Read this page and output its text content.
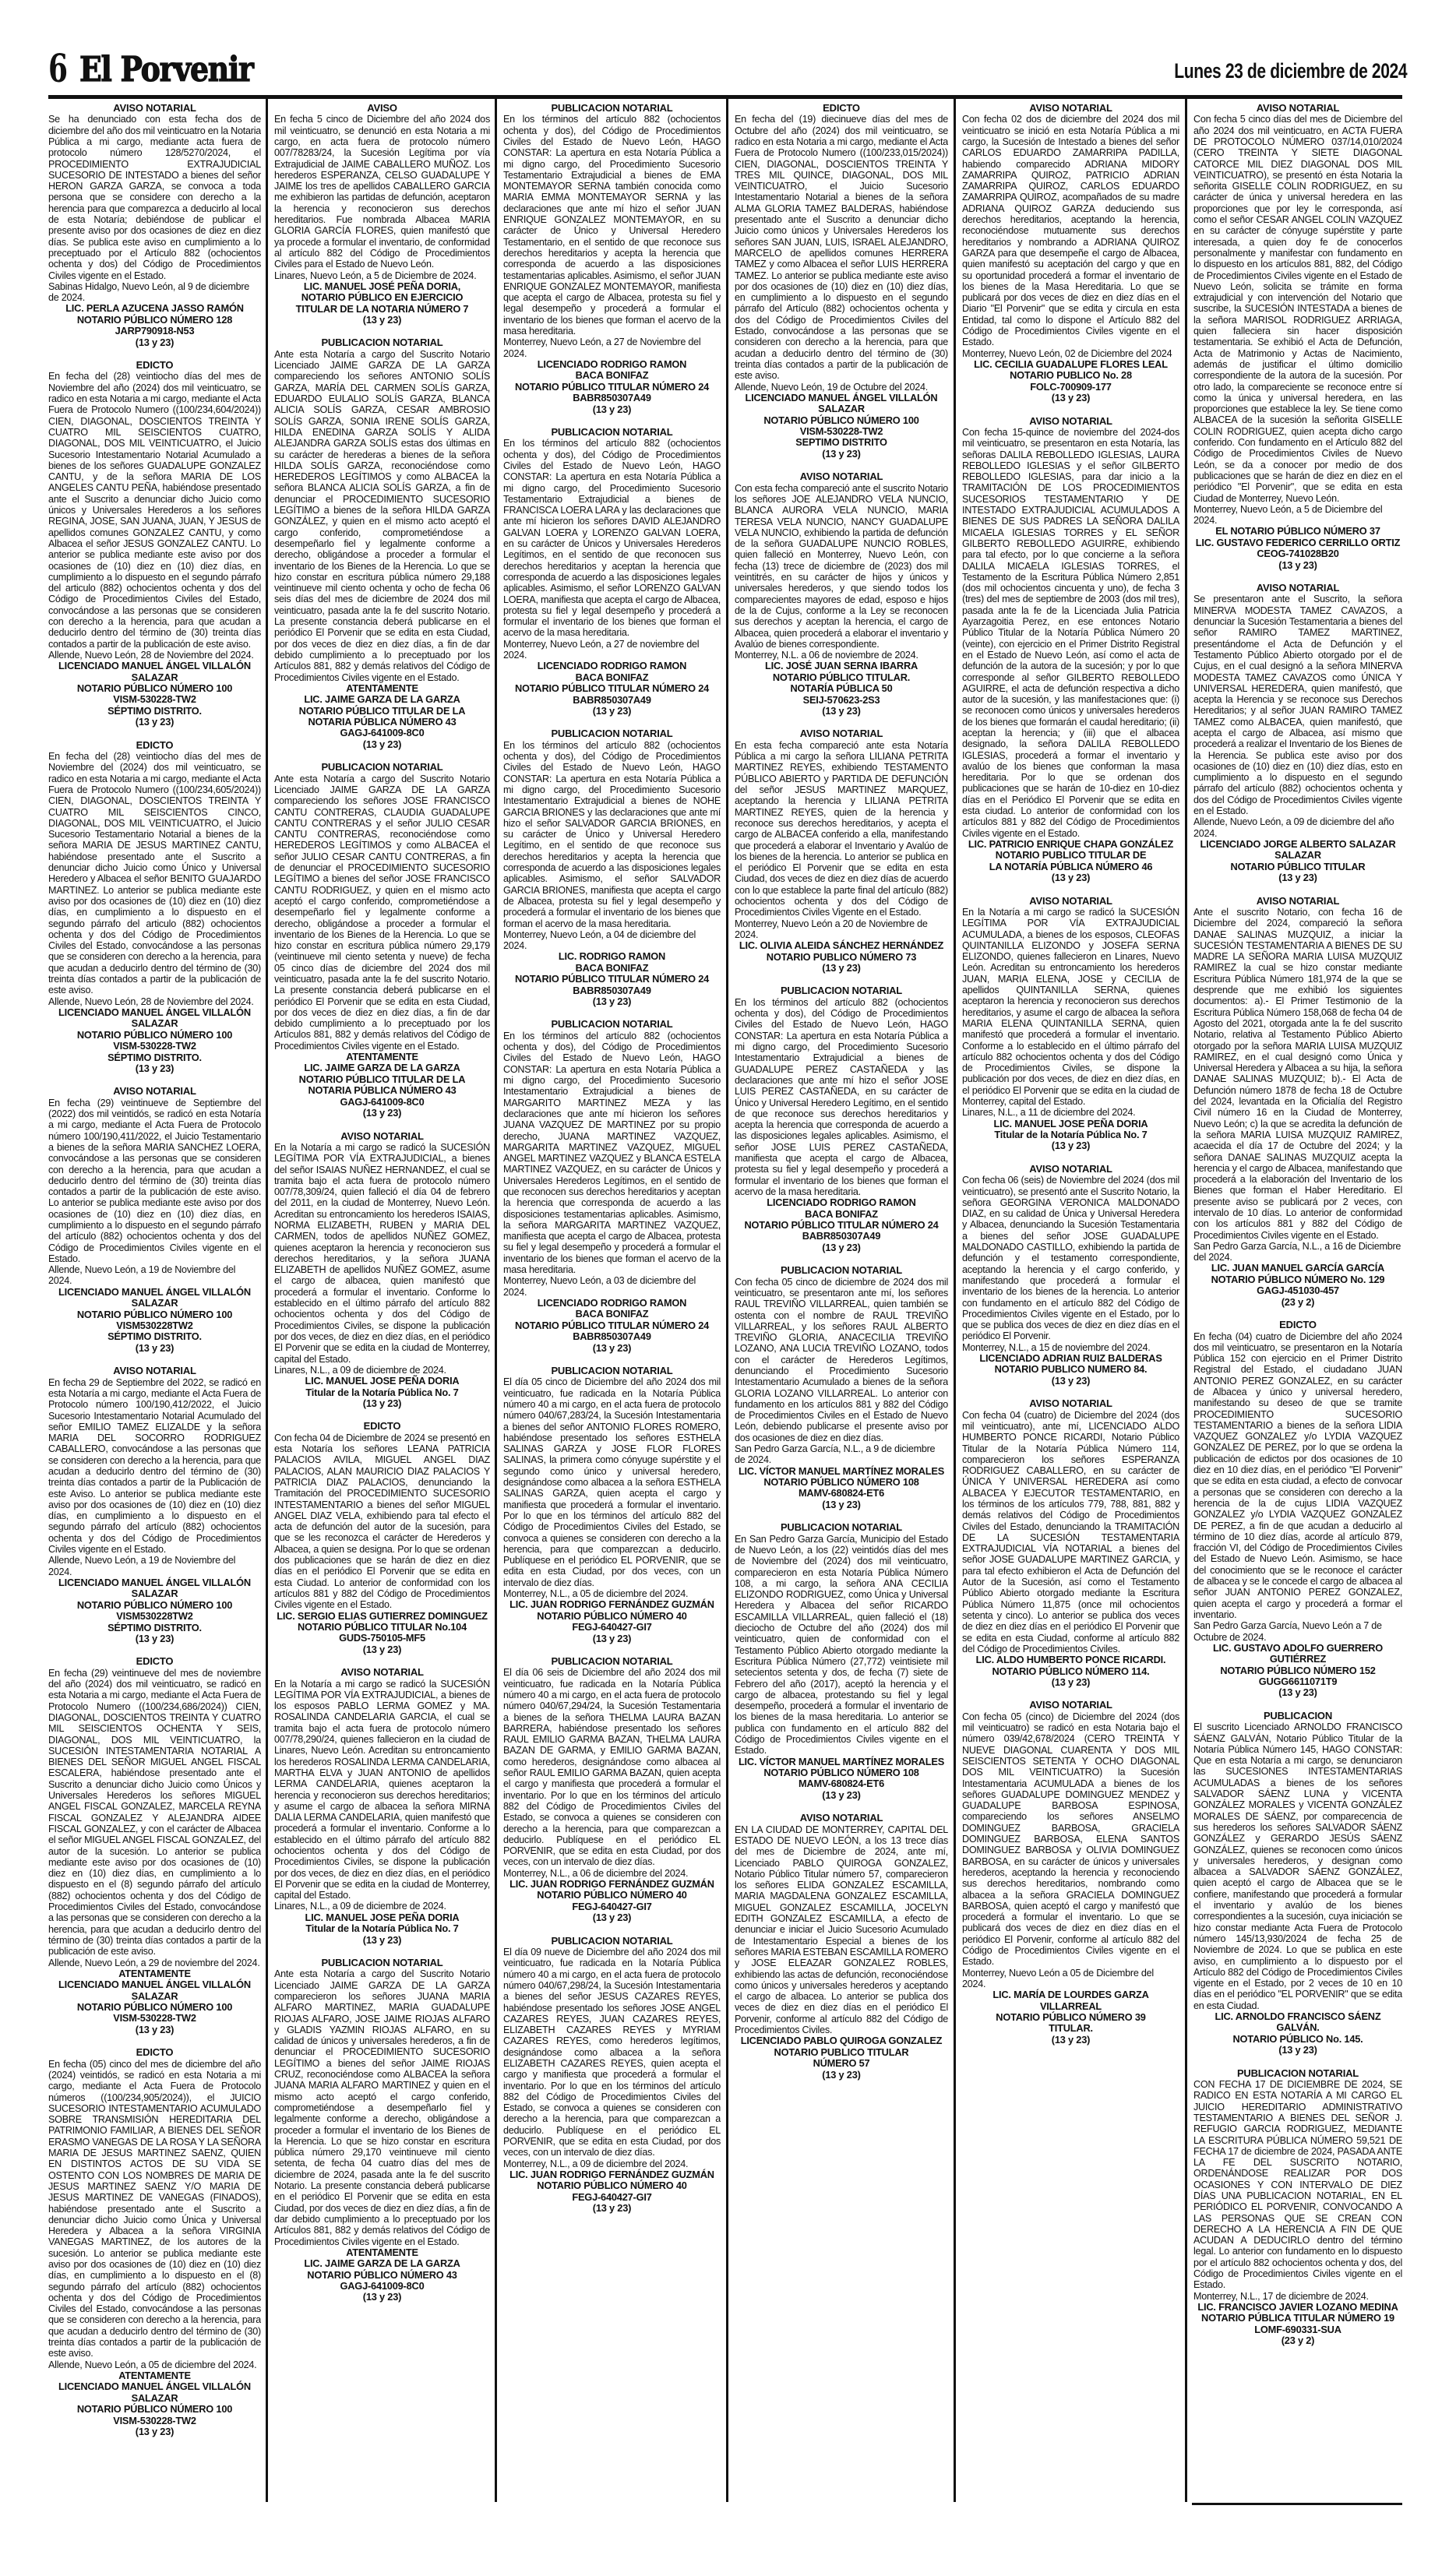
6 El Porvenir	Lunes 23 de diciembre de 2024
AVISO NOTARIAL

Se ha denunciado con esta fecha dos de diciembre del año dos mil veinticuatro en la Notaria Pública a mi cargo, mediante acta fuera de protocolo número 128/5270/2024, el PROCEDIMIENTO EXTRAJUDICIAL SUCESORIO DE INTESTADO a bienes del señor HERON GARZA GARZA, se convoca a toda persona que se considere con derecho a la herencia para que comparezca a deducirlo al local de esta Notaría; debiéndose de publicar el presente aviso por dos ocasiones de diez en diez días. Se publica este aviso en cumplimiento a lo preceptuado por el Artículo 882 (ochocientos ochenta y dos) del Código de Procedimientos Civiles vigente en el Estado.

Sabinas Hidalgo, Nuevo León, al 9 de diciembre de 2024.
LIC. PERLA AZUCENA JASSO RAMÓN
NOTARIO PÚBLICO NÚMERO 128
JARP790918-N53
(13 y 23)
EDICTO

En fecha del (28) veintiocho días del mes de Noviembre del año (2024) dos mil veinticuatro, se radico en esta Notaria a mi cargo, mediante el Acta Fuera de Protocolo Numero ((100/234,604/2024)) CIEN, DIAGONAL, DOSCIENTOS TREINTA Y CUATRO MIL SEISCIENTOS CUATRO, DIAGONAL, DOS MIL VEINTICUATRO, el Juicio Sucesorio Intestamentario Notarial Acumulado a bienes de los señores GUADALUPE GONZALEZ CANTU, y de la señora MARIA DE LOS ANGELES CANTU PEÑA, habiéndose presentado ante el Suscrito a denunciar dicho Juicio como únicos y Universales Herederos a los señores REGINA, JOSE, SAN JUANA, JUAN, Y JESUS de apellidos comunes GONZALEZ CANTU, y como Albacea el señor JESUS GONZALEZ CANTU. Lo anterior se publica mediante este aviso por dos ocasiones de (10) diez en (10) diez días, en cumplimiento a lo dispuesto en el segundo párrafo del articulo (882) ochocientos ochenta y dos del Código de Procedimientos Civiles del Estado, convocándose a las personas que se consideren con derecho a la herencia, para que acudan a deducirlo dentro del término de (30) treinta días contados a partir de la publicación de este aviso.

Allende, Nuevo León, 28 de Noviembre del 2024.
LICENCIADO MANUEL ÁNGEL VILLALÓN
SALAZAR
NOTARIO PÚBLICO NÚMERO 100
VISM-530228-TW2
SÉPTIMO DISTRITO.
(13 y 23)
EDICTO

En fecha del (28) veintiocho días del mes de Noviembre del (2024) dos mil veinticuatro, se radico en esta Notaria a mi cargo, mediante el Acta Fuera de Protocolo Numero ((100/234,605/2024)) CIEN, DIAGONAL, DOSCIENTOS TREINTA Y CUATRO MIL SEISCIENTOS CINCO, DIAGONAL, DOS MIL VEINTICUATRO, el Juicio Sucesorio Testamentario Notarial a bienes de la señora MARIA DE JESUS MARTINEZ CANTU, habiéndose presentado ante el Suscrito a denunciar dicho Juicio como Único y Universal Heredero y Albacea el señor BENITO GUAJARDO MARTINEZ. Lo anterior se publica mediante este aviso por dos ocasiones de (10) diez en (10) diez días, en cumplimiento a lo dispuesto en el segundo párrafo del articulo (882) ochocientos ochenta y dos del Código de Procedimientos Civiles del Estado, convocándose a las personas que se consideren con derecho a la herencia, para que acudan a deducirlo dentro del término de (30) treinta días contados a partir de la publicación de este aviso.

Allende, Nuevo León, 28 de Noviembre del 2024.
LICENCIADO MANUEL ÁNGEL VILLALÓN
SALAZAR
NOTARIO PÚBLICO NÚMERO 100
VISM-530228-TW2
SÉPTIMO DISTRITO.
(13 y 23)
AVISO NOTARIAL

En fecha (29) veintinueve de Septiembre del (2022) dos mil veintidós, se radicó en esta Notaría a mi cargo, mediante el Acta Fuera de Protocolo número 100/190,411/2022, el Juicio Testamentario a bienes de la señora MARIA SANCHEZ LOERA, convocándose a las personas que se consideren con derecho a la herencia, para que acudan a deducirlo dentro del término de (30) treinta días contados a partir de la publicación de este aviso. Lo anterior se publica mediante este aviso por dos ocasiones de (10) diez en (10) diez días, en cumplimiento a lo dispuesto en el segundo párrafo del artículo (882) ochocientos ochenta y dos del Código de Procedimientos Civiles vigente en el Estado.

Allende, Nuevo León, a 19 de Noviembre del 2024.
LICENCIADO MANUEL ÁNGEL VILLALÓN
SALAZAR
NOTARIO PÚBLICO NÚMERO 100
VISM530228TW2
SÉPTIMO DISTRITO.
(13 y 23)
AVISO NOTARIAL

En fecha 29 de Septiembre del 2022, se radicó en esta Notaría a mi cargo, mediante el Acta Fuera de Protocolo número 100/190,412/2022, el Juicio Sucesorio Intestamentario Notarial Acumulado del señor EMILIO TAMEZ ELIZALDE y la señora MARIA DEL SOCORRO RODRIGUEZ CABALLERO, convocándose a las personas que se consideren con derecho a la herencia, para que acudan a deducirlo dentro del término de (30) treinta días contados a partir de la Publicación de este Aviso. Lo anterior se publica mediante este aviso por dos ocasiones de (10) diez en (10) diez días, en cumplimiento a lo dispuesto en el segundo párrafo del artículo (882) ochocientos ochenta y dos del Código de Procedimientos Civiles vigente en el Estado.

Allende, Nuevo León, a 19 de Noviembre del 2024.
LICENCIADO MANUEL ÁNGEL VILLALÓN
SALAZAR
NOTARIO PÚBLICO NÚMERO 100
VISM530228TW2
SÉPTIMO DISTRITO.
(13 y 23)
EDICTO

En fecha (29) veintinueve del mes de noviembre del año (2024) dos mil veinticuatro, se radicó en esta Notaria a mi cargo, mediante el Acta Fuera de Protocolo Numero ((100/234,686/2024)) CIEN, DIAGONAL, DOSCIENTOS TREINTA Y CUATRO MIL SEISCIENTOS OCHENTA Y SEIS, DIAGONAL, DOS MIL VEINTICUATRO, la SUCESIÓN INTESTAMENTARIA NOTARIAL A BIENES DEL SEÑOR MIGUEL ANGEL FISCAL ESCALERA, habiéndose presentado ante el Suscrito a denunciar dicho Juicio como Únicos y Universales Herederos los señores MIGUEL ANGEL FISCAL GONZALEZ, MARCELA REYNA FISCAL GONZALEZ Y ALEJANDRA AIDEE FISCAL GONZALEZ, y con el carácter de Albacea el señor MIGUEL ANGEL FISCAL GONZALEZ, del autor de la sucesión. Lo anterior se publica mediante este aviso por dos ocasiones de (10) diez en (10) diez días, en cumplimiento a lo dispuesto en el (8) segundo párrafo del artículo (882) ochocientos ochenta y dos del Código de Procedimientos Civiles del Estado, convocándose a las personas que se consideren con derecho a la herencia, para que acudan a deducirlo dentro del término de (30) treinta días contados a partir de la publicación de este aviso.

Allende, Nuevo León, a 29 de noviembre del 2024.
ATENTAMENTE
LICENCIADO MANUEL ÁNGEL VILLALÓN
SALAZAR
NOTARIO PÚBLICO NÚMERO 100
VISM-530228-TW2
(13 y 23)
EDICTO

En fecha (05) cinco del mes de diciembre del año (2024) veintidós, se radicó en esta Notaria a mi cargo, mediante el Acta Fuera de Protocolo números ((100/234,905/2024)), el JUICIO SUCESORIO INTESTAMENTARIO ACUMULADO SOBRE TRANSMISIÓN HEREDITARIA DEL PATRIMONIO FAMILIAR, A BIENES DEL SEÑOR ERASMO VANEGAS DE LA ROSA Y LA SEÑORA MARIA DE JESUS MARTINEZ SAENZ, QUIEN EN DISTINTOS ACTOS DE SU VIDA SE OSTENTO CON LOS NOMBRES DE MARIA DE JESUS MARTINEZ SAENZ Y/O MARIA DE JESUS MARTINEZ DE VANEGAS (FINADOS), habiéndose presentado ante el Suscrito a denunciar dicho Juicio como Única y Universal Heredera y Albacea a la señora VIRGINIA VANEGAS MARTINEZ, de los autores de la sucesión. Lo anterior se publica mediante este aviso por dos ocasiones de (10) diez en (10) diez días, en cumplimiento a lo dispuesto en el (8) segundo párrafo del artículo (882) ochocientos ochenta y dos del Código de Procedimientos Civiles del Estado, convocándose a las personas que se consideren con derecho a la herencia, para que acudan a deducirlo dentro del término de (30) treinta días contados a partir de la publicación de este aviso.

Allende, Nuevo León, a 05 de diciembre del 2024.
ATENTAMENTE
LICENCIADO MANUEL ÁNGEL VILLALÓN
SALAZAR
NOTARIO PÚBLICO NÚMERO 100
VISM-530228-TW2
(13 y 23)
AVISO

En fecha 5 cinco de Diciembre del año 2024 dos mil veinticuatro, se denunció en esta Notaria a mi cargo, en acta fuera de protocolo número 007/78283/24, la Sucesión Legítima por vía Extrajudicial de JAIME CABALLERO MUÑOZ. Los herederos ESPERANZA, CELSO GUADALUPE Y JAIME los tres de apellidos CABALLERO GARCIA me exhibieron las partidas de defunción, aceptaron la herencia y reconocieron sus derechos hereditarios. Fue nombrada Albacea MARIA GLORIA GARCÍA FLORES, quien manifestó que ya procede a formular el inventario, de conformidad al artículo 882 del Código de Procedimientos Civiles para el Estado de Nuevo León.

Linares, Nuevo León, a 5 de Diciembre de 2024.
LIC. MANUEL JOSÉ PEÑA DORIA,
NOTARIO PÚBLICO EN EJERCICIO
TITULAR DE LA NOTARIA NÚMERO 7
(13 y 23)
PUBLICACION NOTARIAL

Ante esta Notaría a cargo del Suscrito Notario Licenciado JAIME GARZA DE LA GARZA compareciendo los señores ANTONIO SOLÍS GARZA, MARÍA DEL CARMEN SOLÍS GARZA, EDUARDO EULALIO SOLÍS GARZA, BLANCA ALICIA SOLÍS GARZA, CESAR AMBROSIO SOLÍS GARZA, SONIA IRENE SOLÍS GARZA, HILDA ENEDINA GARZA SOLÍS Y ALIDA ALEJANDRA GARZA SOLÍS estas dos últimas en su carácter de herederas a bienes de la señora HILDA SOLÍS GARZA, reconociéndose como HEREDEROS LEGÍTIMOS y como ALBACEA la señora BLANCA ALICIA SOLÍS GARZA, a fin de denunciar el PROCEDIMIENTO SUCESORIO LEGÍTIMO a bienes de la señora HILDA GARZA GONZÁLEZ, y quien en el mismo acto aceptó el cargo conferido, comprometiéndose a desempeñarlo fiel y legalmente conforme a derecho, obligándose a proceder a formular el inventario de los Bienes de la Herencia. Lo que se hizo constar en escritura pública número 29,188 veintinueve mil ciento ochenta y ocho de fecha 06 seis días del mes de diciembre de 2024 dos mil veinticuatro, pasada ante la fe del suscrito Notario. La presente constancia deberá publicarse en el periódico El Porvenir que se edita en esta Ciudad, por dos veces de diez en diez días, a fin de dar debido cumplimiento a lo preceptuado por los Artículos 881, 882 y demás relativos del Código de Procedimientos Civiles vigente en el Estado.

ATENTAMENTE
LIC. JAIME GARZA DE LA GARZA
NOTARIO PÚBLICO TITULAR DE LA
NOTARIA PÚBLICA NÚMERO 43
GAGJ-641009-8C0
(13 y 23)
PUBLICACION NOTARIAL

Ante esta Notaría a cargo del Suscrito Notario Licenciado JAIME GARZA DE LA GARZA compareciendo los señores JOSE FRANCISCO CANTU CONTRERAS, CLAUDIA GUADALUPE CANTU CONTRERAS y el señor JULIO CESAR CANTU CONTRERAS, reconociéndose como HEREDEROS LEGÍTIMOS y como ALBACEA el señor JULIO CESAR CANTU CONTRERAS, a fin de denunciar el PROCEDIMIENTO SUCESORIO LEGÍTIMO a bienes del señor JOSE FRANCISCO CANTU RODRIGUEZ, y quien en el mismo acto aceptó el cargo conferido, comprometiéndose a desempeñarlo fiel y legalmente conforme a derecho, obligándose a proceder a formular el inventario de los Bienes de la Herencia. Lo que se hizo constar en escritura pública número 29,179 (veintinueve mil ciento setenta y nueve) de fecha 05 cinco días de diciembre del 2024 dos mil veinticuatro, pasada ante la fe del suscrito Notario. La presente constancia deberá publicarse en el periódico El Porvenir que se edita en esta Ciudad, por dos veces de diez en diez días, a fin de dar debido cumplimiento a lo preceptuado por los Artículos 881, 882 y demás relativos del Código de Procedimientos Civiles vigente en el Estado.

ATENTAMENTE
LIC. JAIME GARZA DE LA GARZA
NOTARIO PÚBLICO TITULAR DE LA
NOTARIA PÚBLICA NÚMERO 43
GAGJ-641009-8C0
(13 y 23)
AVISO NOTARIAL

En la Notaría a mi cargo se radicó la SUCESIÓN LEGÍTIMA POR VÍA EXTRAJUDICIAL, a bienes del señor ISAIAS NUÑEZ HERNANDEZ, el cual se tramita bajo el acta fuera de protocolo número 007/78,309/24, quien falleció el día 04 de febrero del 2011, en la ciudad de Monterrey, Nuevo León. Acreditan su entroncamiento los herederos ISAIAS, NORMA ELIZABETH, RUBEN y MARIA DEL CARMEN, todos de apellidos NUÑEZ GOMEZ, quienes aceptaron la herencia y reconocieron sus derechos hereditarios, y la señora JUANA ELIZABETH de apellidos NUÑEZ GOMEZ, asume el cargo de albacea, quien manifestó que procederá a formular el inventario. Conforme lo establecido en el último párrafo del artículo 882 ochocientos ochenta y dos del Código de Procedimientos Civiles, se dispone la publicación por dos veces, de diez en diez días, en el periódico El Porvenir que se edita en la ciudad de Monterrey, capital del Estado.

Linares, N.L., a 09 de diciembre de 2024.
LIC. MANUEL JOSE PEÑA DORIA
Titular de la Notaría Pública No. 7
(13 y 23)
EDICTO

Con fecha 04 de Diciembre de 2024 se presentó en esta Notaría los señores LEANA PATRICIA PALACIOS AVILA, MIGUEL ANGEL DIAZ PALACIOS, ALAN MAURICIO DIAZ PALACIOS Y PATRICIA DIAZ PALACIOS, denunciando la Tramitación del PROCEDIMIENTO SUCESORIO INTESTAMENTARIO a bienes del señor MIGUEL ANGEL DIAZ VELA, exhibiendo para tal efecto el acta de defunción del autor de la sucesión, para que se les reconozca el carácter de Herederos y Albacea, a quien se designa. Por lo que se ordenan dos publicaciones que se harán de diez en diez días en el periódico El Porvenir que se edita en esta Ciudad. Lo anterior de conformidad con los artículos 881 y 882 del Código de Procedimientos Civiles vigente en el Estado.

LIC. SERGIO ELIAS GUTIERREZ DOMINGUEZ
NOTARIO PÚBLICO TITULAR No.104
GUDS-750105-MF5
(13 y 23)
AVISO NOTARIAL

En la Notaría a mi cargo se radicó la SUCESIÓN LEGÍTIMA POR VÍA EXTRAJUDICIAL, a bienes de los esposos PABLO LERMA GOMEZ y MA. ROSALINDA CANDELARIA GARCIA, el cual se tramita bajo el acta fuera de protocolo número 007/78,290/24, quienes fallecieron en la ciudad de Linares, Nuevo León. Acreditan su entroncamiento los herederos ROSALINDA LERMA CANDELARIA, MARTHA ELVA y JUAN ANTONIO de apellidos LERMA CANDELARIA, quienes aceptaron la herencia y reconocieron sus derechos hereditarios; y asume el cargo de albacea la señora MIRNA DALIA LERMA CANDELARIA, quien manifestó que procederá a formular el inventario. Conforme a lo establecido en el último párrafo del artículo 882 ochocientos ochenta y dos del Código de Procedimientos Civiles, se dispone la publicación por dos veces, de diez en diez días, en el periódico El Porvenir que se edita en la ciudad de Monterrey, capital del Estado.

Linares, N.L., a 09 de diciembre de 2024.
LIC. MANUEL JOSE PEÑA DORIA
Titular de la Notaría Pública No. 7
(13 y 23)
PUBLICACION NOTARIAL

Ante esta Notaría a cargo del Suscrito Notario Licenciado JAIME GARZA DE LA GARZA comparecieron los señores JUANA MARIA ALFARO MARTINEZ, MARIA GUADALUPE RIOJAS ALFARO, JOSE JAIME RIOJAS ALFARO y GLADIS YAZMIN RIOJAS ALFARO, en su calidad de únicos y universales herederos, a fin de denunciar el PROCEDIMIENTO SUCESORIO LEGÍTIMO a bienes del señor JAIME RIOJAS CRUZ, reconociéndose como ALBACEA la señora JUANA MARIA ALFARO MARTINEZ y quien en el mismo acto aceptó el cargo conferido, comprometiéndose a desempeñarlo fiel y legalmente conforme a derecho, obligándose a proceder a formular el inventario de los Bienes de la Herencia. Lo que se hizo constar en escritura pública número 29,170 veintinueve mil ciento setenta, de fecha 04 cuatro días del mes de diciembre de 2024, pasada ante la fe del suscrito Notario. La presente constancia deberá publicarse en el periódico El Porvenir que se edita en esta Ciudad, por dos veces de diez en diez días, a fin de dar debido cumplimiento a lo preceptuado por los Artículos 881, 882 y demás relativos del Código de Procedimientos Civiles vigente en el Estado.

ATENTAMENTE
LIC. JAIME GARZA DE LA GARZA
NOTARIO PÚBLICO NÚMERO 43
GAGJ-641009-8C0
(13 y 23)
PUBLICACION NOTARIAL

En los términos del artículo 882 (ochocientos ochenta y dos), del Código de Procedimientos Civiles del Estado de Nuevo León, HAGO CONSTAR: La apertura en esta Notaría Pública a mi digno cargo, del Procedimiento Sucesorio Testamentario Extrajudicial a bienes de EMA MONTEMAYOR SERNA también conocida como MARIA EMMA MONTEMAYOR SERNA y las declaraciones que ante mí hizo el señor JUAN ENRIQUE GONZALEZ MONTEMAYOR, en su carácter de Único y Universal Heredero Testamentario, en el sentido de que reconoce sus derechos hereditarios y acepta la herencia que corresponda de acuerdo a las disposiciones testamentarias aplicables. Asimismo, el señor JUAN ENRIQUE GONZALEZ MONTEMAYOR, manifiesta que acepta el cargo de Albacea, protesta su fiel y legal desempeño y procederá a formular el inventario de los bienes que forman el acervo de la masa hereditaria.

Monterrey, Nuevo León, a 27 de Noviembre del 2024.
LICENCIADO RODRIGO RAMON
BACA BONIFAZ
NOTARIO PÚBLICO TITULAR NÚMERO 24
BABR850307A49
(13 y 23)
PUBLICACION NOTARIAL

En los términos del artículo 882 (ochocientos ochenta y dos), del Código de Procedimientos Civiles del Estado de Nuevo León, HAGO CONSTAR: La apertura en esta Notaría Pública a mi digno cargo, del Procedimiento Sucesorio Testamentario Extrajudicial a bienes de FRANCISCA LOERA LARA y las declaraciones que ante mí hicieron los señores DAVID ALEJANDRO GALVAN LOERA y LORENZO GALVAN LOERA, en su carácter de Únicos y Universales Herederos Legítimos, en el sentido de que reconocen sus derechos hereditarios y aceptan la herencia que corresponda de acuerdo a las disposiciones legales aplicables. Asimismo, el señor LORENZO GALVAN LOERA, manifiesta que acepta el cargo de Albacea, protesta su fiel y legal desempeño y procederá a formular el inventario de los bienes que forman el acervo de la masa hereditaria.

Monterrey, Nuevo León, a 27 de noviembre del 2024.
LICENCIADO RODRIGO RAMON
BACA BONIFAZ
NOTARIO PÚBLICO TITULAR NÚMERO 24
BABR850307A49
(13 y 23)
PUBLICACION NOTARIAL

En los términos del artículo 882 (ochocientos ochenta y dos), del Código de Procedimientos Civiles del Estado de Nuevo León, HAGO CONSTAR: La apertura en esta Notaría Pública a mi digno cargo, del Procedimiento Sucesorio Intestamentario Extrajudicial a bienes de NOHE GARCIA BRIONES y las declaraciones que ante mí hizo el señor SALVADOR GARCIA BRIONES, en su carácter de Único y Universal Heredero Legítimo, en el sentido de que reconoce sus derechos hereditarios y acepta la herencia que corresponda de acuerdo a las disposiciones legales aplicables. Asimismo, el señor SALVADOR GARCIA BRIONES, manifiesta que acepta el cargo de Albacea, protesta su fiel y legal desempeño y procederá a formular el inventario de los bienes que forman el acervo de la masa hereditaria.

Monterrey, Nuevo León, a 04 de diciembre del 2024.
LIC. RODRIGO RAMON
BACA BONIFAZ
NOTARIO PÚBLICO TITULAR NÚMERO 24
BABR850307A49
(13 y 23)
PUBLICACION NOTARIAL

En los términos del artículo 882 (ochocientos ochenta y dos), del Código de Procedimientos Civiles del Estado de Nuevo León, HAGO CONSTAR: La apertura en esta Notaría Pública a mi digno cargo, del Procedimiento Sucesorio Intestamentario Extrajudicial a bienes de MARGARITO MARTINEZ MEZA y las declaraciones que ante mí hicieron los señores JUANA VAZQUEZ DE MARTINEZ por su propio derecho, JUANA MARTINEZ VAZQUEZ, MARGARITA MARTINEZ VAZQUEZ, MIGUEL ANGEL MARTINEZ VAZQUEZ y BLANCA ESTELA MARTINEZ VAZQUEZ, en su carácter de Únicos y Universales Herederos Legítimos, en el sentido de que reconocen sus derechos hereditarios y aceptan la herencia que corresponda de acuerdo a las disposiciones testamentarias aplicables. Asimismo, la señora MARGARITA MARTINEZ VAZQUEZ, manifiesta que acepta el cargo de Albacea, protesta su fiel y legal desempeño y procederá a formular el inventario de los bienes que forman el acervo de la masa hereditaria.

Monterrey, Nuevo León, a 03 de diciembre del 2024.
LICENCIADO RODRIGO RAMON
BACA BONIFAZ
NOTARIO PÚBLICO TITULAR NÚMERO 24
BABR850307A49
(13 y 23)
PUBLICACION NOTARIAL

El día 05 cinco de Diciembre del año 2024 dos mil veinticuatro, fue radicada en la Notaría Pública número 40 a mi cargo, en el acta fuera de protocolo número 040/67,283/24, la Sucesión Intestamentaria a bienes del señor ANTONIO FLORES ROMERO, habiéndose presentado los señores ESTHELA SALINAS GARZA y JOSE FLOR FLORES SALINAS, la primera como cónyuge supérstite y el segundo como único y universal heredero, designándose como albacea a la señora ESTHELA SALINAS GARZA, quien acepta el cargo y manifiesta que procederá a formular el inventario. Por lo que en los términos del artículo 882 del Código de Procedimientos Civiles del Estado, se convoca a quienes se consideren con derecho a la herencia, para que comparezcan a deducirlo. Publíquese en el periódico EL PORVENIR, que se edita en esta Ciudad, por dos veces, con un intervalo de diez días.

Monterrey, N.L., a 05 de diciembre del 2024.
LIC. JUAN RODRIGO FERNÁNDEZ GUZMÁN
NOTARIO PÚBLICO NÚMERO 40
FEGJ-640427-GI7
(13 y 23)
PUBLICACION NOTARIAL

El día 06 seis de Diciembre del año 2024 dos mil veinticuatro, fue radicada en la Notaría Pública número 40 a mi cargo, en el acta fuera de protocolo número 040/67,294/24, la Sucesión Testamentaria a bienes de la señora THELMA LAURA BAZAN BARRERA, habiéndose presentado los señores RAUL EMILIO GARMA BAZAN, THELMA LAURA BAZAN DE GARMA, y EMILIO GARMA BAZAN, como herederos, designándose como albacea al señor RAUL EMILIO GARMA BAZAN, quien acepta el cargo y manifiesta que procederá a formular el inventario. Por lo que en los términos del artículo 882 del Código de Procedimientos Civiles del Estado, se convoca a quienes se consideren con derecho a la herencia, para que comparezcan a deducirlo. Publíquese en el periódico EL PORVENIR, que se edita en esta Ciudad, por dos veces, con un intervalo de diez días.

Monterrey, N.L., a 06 de diciembre del 2024.
LIC. JUAN RODRIGO FERNÁNDEZ GUZMÁN
NOTARIO PÚBLICO NÚMERO 40
FEGJ-640427-GI7
(13 y 23)
PUBLICACION NOTARIAL

El día 09 nueve de Diciembre del año 2024 dos mil veinticuatro, fue radicada en la Notaría Pública número 40 a mi cargo, en el acta fuera de protocolo número 040/67,298/24, la Sucesión Intestamentaria a bienes del señor JESUS CAZARES REYES, habiéndose presentado los señores JOSE ANGEL CAZARES REYES, JUAN CAZARES REYES, ELIZABETH CAZARES REYES y MYRIAM CAZARES REYES, como herederos legítimos, designándose como albacea a la señora ELIZABETH CAZARES REYES, quien acepta el cargo y manifiesta que procederá a formular el inventario. Por lo que en los términos del artículo 882 del Código de Procedimientos Civiles del Estado, se convoca a quienes se consideren con derecho a la herencia, para que comparezcan a deducirlo. Publíquese en el periódico EL PORVENIR, que se edita en esta Ciudad, por dos veces, con un intervalo de diez días.

Monterrey, N.L., a 09 de diciembre del 2024.
LIC. JUAN RODRIGO FERNÁNDEZ GUZMÁN
NOTARIO PÚBLICO NÚMERO 40
FEGJ-640427-GI7
(13 y 23)
EDICTO

En fecha del (19) diecinueve días del mes de Octubre del año (2024) dos mil veinticuatro, se radico en esta Notaria a mi cargo, mediante el Acta Fuera de Protocolo Numero ((100/233,015/2024)) CIEN, DIAGONAL, DOSCIENTOS TREINTA Y TRES MIL QUINCE, DIAGONAL, DOS MIL VEINTICUATRO, el Juicio Sucesorio Intestamentario Notarial a bienes de la señora ALMA GLORIA TAMEZ BALDERAS, habiéndose presentado ante el Suscrito a denunciar dicho Juicio como únicos y Universales Herederos los señores SAN JUAN, LUIS, ISRAEL ALEJANDRO, MARCELO de apellidos comunes HERRERA TAMEZ y como Albacea el señor LUIS HERRERA TAMEZ. Lo anterior se publica mediante este aviso por dos ocasiones de (10) diez en (10) diez días, en cumplimiento a lo dispuesto en el segundo párrafo del Artículo (882) ochocientos ochenta y dos del Código de Procedimientos Civiles del Estado, convocándose a las personas que se consideren con derecho a la herencia, para que acudan a deducirlo dentro del término de (30) treinta días contados a partir de la publicación de este aviso.

Allende, Nuevo León, 19 de Octubre del 2024.
LICENCIADO MANUEL ÁNGEL VILLALÓN
SALAZAR
NOTARIO PÚBLICO NÚMERO 100
VISM-530228-TW2
SEPTIMO DISTRITO
(13 y 23)
AVISO NOTARIAL

Con esta fecha compareció ante el suscrito Notario los señores JOE ALEJANDRO VELA NUNCIO, BLANCA AURORA VELA NUNCIO, MARIA TERESA VELA NUNCIO, NANCY GUADALUPE VELA NUNCIO, exhibiendo la partida de defunción de la señora GUADALUPE NUNCIO ROBLES, quien falleció en Monterrey, Nuevo León, con fecha (13) trece de diciembre de (2023) dos mil veintitrés, en su carácter de hijos y únicos y universales herederos, y que siendo todos los comparecientes mayores de edad, esposo e hijos de la de Cujus, conforme a la Ley se reconocen sus derechos y aceptan la herencia, el cargo de Albacea, quien procederá a elaborar el inventario y Avalúo de bienes correspondiente.

Monterrey, N.L. a 06 de noviembre de 2024.
LIC. JOSÉ JUAN SERNA IBARRA
NOTARIO PÚBLICO TITULAR.
NOTARÍA PÚBLICA 50
SEIJ-570623-2S3
(13 y 23)
AVISO NOTARIAL

En esta fecha compareció ante esta Notaría Pública a mi cargo la señora LILIANA PETRITA MARTINEZ REYES, exhibiendo TESTAMENTO PÚBLICO ABIERTO y PARTIDA DE DEFUNCIÓN del señor JESUS MARTINEZ MARQUEZ, aceptando la herencia y LILIANA PETRITA MARTINEZ REYES, quien de la herencia y reconoce sus derechos hereditarios, y acepta el cargo de ALBACEA conferido a ella, manifestando que procederá a elaborar el Inventario y Avalúo de los bienes de la herencia. Lo anterior se publica en el periódico El Porvenir que se edita en esta Ciudad, dos veces de diez en diez días de acuerdo con lo que establece la parte final del artículo (882) ochocientos ochenta y dos del Código de Procedimientos Civiles Vigente en el Estado.

Monterrey, Nuevo León a 20 de Noviembre de 2024.
LIC. OLIVIA ALEIDA SÁNCHEZ HERNÁNDEZ
NOTARIO PUBLICO NÚMERO 73
(13 y 23)
PUBLICACION NOTARIAL

En los términos del artículo 882 (ochocientos ochenta y dos), del Código de Procedimientos Civiles del Estado de Nuevo León, HAGO CONSTAR: La apertura en esta Notaría Pública a mi digno cargo, del Procedimiento Sucesorio Intestamentario Extrajudicial a bienes de GUADALUPE PEREZ CASTAÑEDA y las declaraciones que ante mí hizo el señor JOSE LUIS PEREZ CASTAÑEDA, en su carácter de Único y Universal Heredero Legítimo, en el sentido de que reconoce sus derechos hereditarios y acepta la herencia que corresponda de acuerdo a las disposiciones legales aplicables. Asimismo, el señor JOSE LUIS PEREZ CASTAÑEDA, manifiesta que acepta el cargo de Albacea, protesta su fiel y legal desempeño y procederá a formular el inventario de los bienes que forman el acervo de la masa hereditaria.

LICENCIADO RODRIGO RAMON
BACA BONIFAZ
NOTARIO PÚBLICO TITULAR NÚMERO 24
BABR850307A49
(13 y 23)
PUBLICACION NOTARIAL

Con fecha 05 cinco de diciembre de 2024 dos mil veinticuatro, se presentaron ante mí, los señores RAUL TREVIÑO VILLARREAL, quien también se ostenta con el nombre de RAUL TREVIÑO VILLARREAL, y los señores RAUL ALBERTO TREVIÑO GLORIA, ANACECILIA TREVIÑO LOZANO, ANA LUCIA TREVIÑO LOZANO, todos con el carácter de Herederos Legítimos, denunciando el Procedimiento Sucesorio Intestamentario Acumulado a bienes de la señora GLORIA LOZANO VILLARREAL. Lo anterior con fundamento en los artículos 881 y 882 del Código de Procedimientos Civiles en el Estado de Nuevo León, debiendo publicarse el presente aviso por dos ocasiones de diez en diez días.

San Pedro Garza García, N.L., a 9 de diciembre de 2024.
LIC. VÍCTOR MANUEL MARTÍNEZ MORALES
NOTARIO PÚBLICO NÚMERO 108
MAMV-680824-ET6
(13 y 23)
PUBLICACION NOTARIAL

En San Pedro Garza García, Municipio del Estado de Nuevo León, a los (22) veintidós días del mes de Noviembre del (2024) dos mil veinticuatro, comparecieron en esta Notaría Pública Número 108, a mi cargo, la señora ANA CECILIA ELIZONDO RODRIGUEZ, como Única y Universal Heredera y Albacea del señor RICARDO ESCAMILLA VILLARREAL, quien falleció el (18) dieciocho de Octubre del año (2024) dos mil veinticuatro, quien de conformidad con el Testamento Público Abierto otorgado mediante la Escritura Pública Número (27,772) veintisiete mil setecientos setenta y dos, de fecha (7) siete de Febrero del año (2017), aceptó la herencia y el cargo de albacea, protestando su fiel y legal desempeño, procederá a formular el inventario de los bienes de la masa hereditaria. Lo anterior se publica con fundamento en el artículo 882 del Código de Procedimientos Civiles vigente en el Estado.

LIC. VÍCTOR MANUEL MARTÍNEZ MORALES
NOTARIO PÚBLICO NÚMERO 108
MAMV-680824-ET6
(13 y 23)
AVISO NOTARIAL

EN LA CIUDAD DE MONTERREY, CAPITAL DEL ESTADO DE NUEVO LEÓN, a los 13 trece días del mes de Diciembre de 2024, ante mí, Licenciado PABLO QUIROGA GONZALEZ, Notario Público Titular número 57, comparecieron los señores ELIDA GONZALEZ ESCAMILLA, MARIA MAGDALENA GONZALEZ ESCAMILLA, MIGUEL GONZALEZ ESCAMILLA, JOCELYN EDITH GONZALEZ ESCAMILLA, a efecto de denunciar e iniciar el Juicio Sucesorio Acumulado de Intestamentario Especial a bienes de los señores MARIA ESTEBAN ESCAMILLA ROMERO y JOSE ELEAZAR GONZALEZ ROBLES, exhibiendo las actas de defunción, reconociéndose como únicos y universales herederos y aceptando el cargo de albacea. Lo anterior se publica dos veces de diez en diez días en el periódico El Porvenir, conforme al artículo 882 del Código de Procedimientos Civiles.

LICENCIADO PABLO QUIROGA GONZALEZ
NOTARIO PUBLICO TITULAR
NÚMERO 57
(13 y 23)
AVISO NOTARIAL

Con fecha 02 dos de diciembre del 2024 dos mil veinticuatro se inició en esta Notaría Pública a mi cargo, la Sucesión de Intestado a bienes del señor CARLOS EDUARDO ZAMARRIPA PADILLA, habiendo comparecido ADRIANA MIDORY ZAMARRIPA QUIROZ, PATRICIO ADRIAN ZAMARRIPA QUIROZ, CARLOS EDUARDO ZAMARRIPA QUIROZ, acompañados de su madre ADRIANA QUIROZ GARZA deduciendo sus derechos hereditarios, aceptando la herencia, reconociéndose mutuamente sus derechos hereditarios y nombrando a ADRIANA QUIROZ GARZA para que desempeñe el cargo de Albacea, quien manifestó su aceptación del cargo y que en su oportunidad procederá a formar el inventario de los bienes de la Masa Hereditaria. Lo que se publicará por dos veces de diez en diez días en el Diario "El Porvenir" que se edita y circula en esta Entidad, tal como lo dispone el Artículo 882 del Código de Procedimientos Civiles vigente en el Estado.

Monterrey, Nuevo León, 02 de Diciembre del 2024
LIC. CECILIA GUADALUPE FLORES LEAL
NOTARIO PUBLICO No. 28
FOLC-700909-177
(13 y 23)
AVISO NOTARIAL

Con fecha 15-quince de noviembre del 2024-dos mil veinticuatro, se presentaron en esta Notaría, las señoras DALILA REBOLLEDO IGLESIAS, LAURA REBOLLEDO IGLESIAS y el señor GILBERTO REBOLLEDO IGLESIAS, para dar inicio a la TRAMITACIÓN DE LOS PROCEDIMIENTOS SUCESORIOS TESTAMENTARIO Y DE INTESTADO EXTRAJUDICIAL ACUMULADOS A BIENES DE SUS PADRES LA SEÑORA DALILA MICAELA IGLESIAS TORRES y EL SEÑOR GILBERTO REBOLLEDO AGUIRRE, exhibiendo para tal efecto, por lo que concierne a la señora DALILA MICAELA IGLESIAS TORRES, el Testamento de la Escritura Pública Número 2,851 (dos mil ochocientos cincuenta y uno), de fecha 3 (tres) del mes de septiembre de 2003 (dos mil tres), pasada ante la fe de la Licenciada Julia Patricia Ayarzagoitia Perez, en ese entonces Notario Público Titular de la Notaría Pública Número 20 (veinte), con ejercicio en el Primer Distrito Registral en el Estado de Nuevo León, así como el acta de defunción de la autora de la sucesión; y por lo que corresponde al señor GILBERTO REBOLLEDO AGUIRRE, el acta de defunción respectiva a dicho autor de la sucesión, y las manifestaciones que: (i) se reconocen como únicos y universales herederos de los bienes que formarán el caudal hereditario; (ii) aceptan la herencia; y (iii) que el albacea designado, la señora DALILA REBOLLEDO IGLESIAS, procederá a formar el inventario y avalúo de los bienes que conforman la masa hereditaria. Por lo que se ordenan dos publicaciones que se harán de 10-diez en 10-diez días en el Periódico El Porvenir que se edita en esta ciudad. Lo anterior de conformidad con los artículos 881 y 882 del Código de Procedimientos Civiles vigente en el Estado.

LIC. PATRICIO ENRIQUE CHAPA GONZÁLEZ
NOTARIO PUBLICO TITULAR DE
LA NOTARÍA PÚBLICA NÚMERO 46
(13 y 23)
AVISO NOTARIAL

En la Notaría a mi cargo se radicó la SUCESIÓN LEGÍTIMA POR VÍA EXTRAJUDICIAL ACUMULADA, a bienes de los esposos, CLEOFAS QUINTANILLA ELIZONDO y JOSEFA SERNA ELIZONDO, quienes fallecieron en Linares, Nuevo León. Acreditan su entroncamiento los herederos JUAN, MARIA ELENA, JOSE y CECILIA de apellidos QUINTANILLA SERNA, quienes aceptaron la herencia y reconocieron sus derechos hereditarios, y asume el cargo de albacea la señora MARIA ELENA QUINTANILLA SERNA, quien manifestó que procederá a formular el inventario. Conforme a lo establecido en el último párrafo del artículo 882 ochocientos ochenta y dos del Código de Procedimientos Civiles, se dispone la publicación por dos veces, de diez en diez días, en el periódico El Porvenir que se edita en la ciudad de Monterrey, capital del Estado.

Linares, N.L., a 11 de diciembre del 2024.
LIC. MANUEL JOSE PEÑA DORIA
Titular de la Notaría Pública No. 7
(13 y 23)
AVISO NOTARIAL

Con fecha 06 (seis) de Noviembre del 2024 (dos mil veinticuatro), se presentó ante el Suscrito Notario, la señora GEORGINA VERONICA MALDONADO DIAZ, en su calidad de Única y Universal Heredera y Albacea, denunciando la Sucesión Testamentaria a bienes del señor JOSE GUADALUPE MALDONADO CASTILLO, exhibiendo la partida de defunción y el testamento correspondiente, aceptando la herencia y el cargo conferido, y manifestando que procederá a formular el inventario de los bienes de la herencia. Lo anterior con fundamento en el artículo 882 del Código de Procedimientos Civiles vigente en el Estado, por lo que se publica dos veces de diez en diez días en el periódico El Porvenir.

Monterrey, N.L., a 15 de noviembre del 2024.
LICENCIADO ADRIAN RUIZ BALDERAS
NOTARIO PUBLICO NUMERO 84.
(13 y 23)
AVISO NOTARIAL

Con fecha 04 (cuatro) de Diciembre del 2024 (dos mil veinticuatro), ante mí, LICENCIADO ALDO HUMBERTO PONCE RICARDI, Notario Público Titular de la Notaría Pública Número 114, comparecieron los señores ESPERANZA RODRIGUEZ CABALLERO, en su carácter de ÚNICA Y UNIVERSAL HEREDERA así como ALBACEA Y EJECUTOR TESTAMENTARIO, en los términos de los artículos 779, 788, 881, 882 y demás relativos del Código de Procedimientos Civiles del Estado, denunciando la TRAMITACIÓN DE LA SUCESIÓN TESTAMENTARIA EXTRAJUDICIAL VÍA NOTARIAL a bienes del señor JOSE GUADALUPE MARTINEZ GARCIA, y para tal efecto exhibieron el Acta de Defunción del Autor de la Sucesión, así como el Testamento Público Abierto otorgado mediante la Escritura Pública Número 11,875 (once mil ochocientos setenta y cinco). Lo anterior se publica dos veces de diez en diez días en el periódico El Porvenir que se edita en esta Ciudad, conforme al artículo 882 del Código de Procedimientos Civiles.

LIC. ALDO HUMBERTO PONCE RICARDI.
NOTARIO PÚBLICO NÚMERO 114.
(13 y 23)
AVISO NOTARIAL

Con fecha 05 (cinco) de Diciembre del 2024 (dos mil veinticuatro) se radicó en esta Notaria bajo el número 039/42,678/2024 (CERO TREINTA Y NUEVE DIAGONAL CUARENTA Y DOS MIL SEISCIENTOS SETENTA Y OCHO DIAGONAL DOS MIL VEINTICUATRO) la Sucesión Intestamentaria ACUMULADA a bienes de los señores GUADALUPE DOMINGUEZ MENDEZ y GUADALUPE BARBOSA ESPINOSA, compareciendo los señores ANSELMO DOMINGUEZ BARBOSA, GRACIELA DOMINGUEZ BARBOSA, ELENA SANTOS DOMINGUEZ BARBOSA y OLIVIA DOMINGUEZ BARBOSA, en su carácter de únicos y universales herederos, aceptando la herencia y reconociendo sus derechos hereditarios, nombrando como albacea a la señora GRACIELA DOMINGUEZ BARBOSA, quien aceptó el cargo y manifestó que procederá a formular el inventario. Lo que se publicará dos veces de diez en diez días en el periódico El Porvenir, conforme al artículo 882 del Código de Procedimientos Civiles vigente en el Estado.

Monterrey, Nuevo León a 05 de Diciembre del 2024.
LIC. MARÍA DE LOURDES GARZA
VILLARREAL
NOTARIO PÚBLICO NÚMERO 39
TITULAR.
(13 y 23)
AVISO NOTARIAL

Con fecha 5 cinco días del mes de Diciembre del año 2024 dos mil veinticuatro, en ACTA FUERA DE PROTOCOLO NÚMERO 037/14,010/2024 (CERO TREINTA Y SIETE DIAGONAL CATORCE MIL DIEZ DIAGONAL DOS MIL VEINTICUATRO), se presentó en ésta Notaria la señorita GISELLE COLIN RODRIGUEZ, en su carácter de única y universal heredera en las proporciones que por ley le corresponda, así como el señor CESAR ANGEL COLIN VAZQUEZ en su carácter de cónyuge supérstite y parte interesada, a quien doy fe de conocerlos personalmente y manifestar con fundamento en lo dispuesto en los artículos 881, 882, del Código de Procedimientos Civiles vigente en el Estado de Nuevo León, solicita se trámite en forma extrajudicial y con intervención del Notario que suscribe, la SUCESIÓN INTESTADA a bienes de la señora MARISOL RODRIGUEZ ARRIAGA, quien falleciera sin hacer disposición testamentaria. Se exhibió el Acta de Defunción, Acta de Matrimonio y Actas de Nacimiento, además de justificar el último domicilio correspondiente de la autora de la sucesión. Por otro lado, la compareciente se reconoce entre sí como la única y universal heredera, en las proporciones que establece la ley. Se tiene como ALBACEA de la sucesión la señorita GISELLE COLIN RODRIGUEZ, quien acepta dicho cargo conferido. Con fundamento en el Artículo 882 del Código de Procedimientos Civiles de Nuevo León, se da a conocer por medio de dos publicaciones que se harán de diez en diez en el periódico "El Porvenir", que se edita en esta Ciudad de Monterrey, Nuevo León.

Monterrey, Nuevo León, a 5 de Diciembre del 2024.
EL NOTARIO PÚBLICO NÚMERO 37
LIC. GUSTAVO FEDERICO CERRILLO ORTIZ
CEOG-741028B20
(13 y 23)
AVISO NOTARIAL

Se presentaron ante el Suscrito, la señora MINERVA MODESTA TAMEZ CAVAZOS, a denunciar la Sucesión Testamentaria a bienes del señor RAMIRO TAMEZ MARTINEZ, presentándome el Acta de Defunción y el Testamento Público Abierto otorgado por el de Cujus, en el cual designó a la señora MINERVA MODESTA TAMEZ CAVAZOS como ÚNICA Y UNIVERSAL HEREDERA, quien manifestó, que acepta la Herencia y se reconoce sus Derechos Hereditarios; y al señor JUAN RAMIRO TAMEZ TAMEZ como ALBACEA, quien manifestó, que acepta el cargo de Albacea, así mismo que procederá a realizar el Inventario de los Bienes de la Herencia. Se publica este aviso por dos ocasiones de (10) diez en (10) diez días, esto en cumplimiento a lo dispuesto en el segundo párrafo del artículo (882) ochocientos ochenta y dos del Código de Procedimientos Civiles vigente en el Estado.

Allende, Nuevo León, a 09 de diciembre del año 2024.
LICENCIADO JORGE ALBERTO SALAZAR
SALAZAR
NOTARIO PÚBLICO TITULAR
(13 y 23)
AVISO NOTARIAL

Ante el suscrito Notario, con fecha 16 de Diciembre del 2024, compareció la señora DANAE SALINAS MUZQUIZ, a iniciar la SUCESIÓN TESTAMENTARIA A BIENES DE SU MADRE LA SEÑORA MARIA LUISA MUZQUIZ RAMIREZ la cual se hizo constar mediante Escritura Pública Número 181,974 de la que se desprende que me exhibió los siguientes documentos: a).- El Primer Testimonio de la Escritura Pública Número 158,068 de fecha 04 de Agosto del 2021, otorgada ante la fe del suscrito Notario, relativa al Testamento Público Abierto otorgado por la señora MARIA LUISA MUZQUIZ RAMIREZ, en el cual designó como Única y Universal Heredera y Albacea a su hija, la señora DANAE SALINAS MUZQUIZ; b).- El Acta de Defunción número 1878 de fecha 18 de Octubre del 2024, levantada en la Oficialía del Registro Civil número 16 en la Ciudad de Monterrey, Nuevo León; c) la que se acredita la defunción de la señora MARIA LUISA MUZQUIZ RAMIREZ, acaecida el día 17 de Octubre del 2024; y la señora DANAE SALINAS MUZQUIZ acepta la herencia y el cargo de Albacea, manifestando que procederá a la elaboración del Inventario de los Bienes que forman el Haber Hereditario. El presente aviso se publicará por 2 veces, con intervalo de 10 días. Lo anterior de conformidad con los artículos 881 y 882 del Código de Procedimientos Civiles vigente en el Estado.

San Pedro Garza García, N.L., a 16 de Diciembre del 2024.
LIC. JUAN MANUEL GARCÍA GARCÍA
NOTARIO PÚBLICO NÚMERO No. 129
GAGJ-451030-457
(23 y 2)
EDICTO

En fecha (04) cuatro de Diciembre del año 2024 dos mil veinticuatro, se presentaron en la Notaría Pública 152 con ejercicio en el Primer Distrito Registral del Estado, el ciudadano JUAN ANTONIO PEREZ GONZALEZ, en su carácter de Albacea y único y universal heredero, manifestando su deseo de que se tramite PROCEDIMIENTO SUCESORIO TESTAMENTARIO a bienes de la señora LIDIA VAZQUEZ GONZALEZ y/o LYDIA VAZQUEZ GONZALEZ DE PEREZ, por lo que se ordena la publicación de edictos por dos ocasiones de 10 diez en 10 diez días, en el periódico "El Porvenir" que se edita en esta ciudad, a efecto de convocar a personas que se consideren con derecho a la herencia de la de cujus LIDIA VAZQUEZ GONZALEZ y/o LYDIA VAZQUEZ GONZALEZ DE PEREZ, a fin de que acudan a deducirlo al término de 10 diez días, acorde al artículo 879, fracción VI, del Código de Procedimientos Civiles del Estado de Nuevo León. Asimismo, se hace del conocimiento que se le reconoce el carácter de albacea y se le concede el cargo de albacea al señor JUAN ANTONIO PEREZ GONZALEZ, quien acepta el cargo y procederá a formar el inventario.

San Pedro Garza García, Nuevo León a 7 de Octubre de 2024.
LIC. GUSTAVO ADOLFO GUERRERO
GUTIÉRREZ
NOTARIO PÚBLICO NÚMERO 152
GUGG6611071T9
(13 y 23)
PUBLICACION

El suscrito Licenciado ARNOLDO FRANCISCO SÁENZ GALVÁN, Notario Público Titular de la Notaría Pública Número 145, HAGO CONSTAR: Que en esta Notaría a mi cargo, se denunciaron las SUCESIONES INTESTAMENTARIAS ACUMULADAS a bienes de los señores SALVADOR SÁENZ LUNA y VICENTA GONZÁLEZ MORALES y VICENTA GONZÁLEZ MORALES DE SÁENZ, por comparecencia de sus herederos los señores SALVADOR SÁENZ GONZÁLEZ y GERARDO JESÚS SÁENZ GONZÁLEZ, quienes se reconocen como únicos y universales herederos, y designan como albacea a SALVADOR SÁENZ GONZÁLEZ, quien aceptó el cargo de Albacea que se le confiere, manifestando que procederá a formular el inventario y avalúo de los bienes correspondientes a la sucesión, cuya iniciación se hizo constar mediante Acta Fuera de Protocolo número 145/13,930/2024 de fecha 25 de Noviembre de 2024. Lo que se publica en este aviso, en cumplimiento a lo dispuesto por el Artículo 882 del Código de Procedimientos Civiles vigente en el Estado, por 2 veces de 10 en 10 días en el periódico "EL PORVENIR" que se edita en esta Ciudad.

LIC. ARNOLDO FRANCISCO SÁENZ GALVÁN.
NOTARIO PÚBLICO No. 145.
(13 y 23)
PUBLICACION NOTARIAL

CON FECHA 17 DE DICIEMBRE DE 2024, SE RADICO EN ESTA NOTARÍA A MI CARGO EL JUICIO HEREDITARIO ADMINISTRATIVO TESTAMENTARIO A BIENES DEL SEÑOR J. REFUGIO GARCIA RODRIGUEZ, MEDIANTE LA ESCRITURA PÚBLICA NÚMERO 59,521 DE FECHA 17 de diciembre de 2024, PASADA ANTE LA FE DEL SUSCRITO NOTARIO, ORDENÁNDOSE REALIZAR POR DOS OCASIONES Y CON INTERVALO DE DIEZ DÍAS UNA PUBLICACION NOTARIAL, EN EL PERIÓDICO EL PORVENIR, CONVOCANDO A LAS PERSONAS QUE SE CREAN CON DERECHO A LA HERENCIA A FIN DE QUE ACUDAN A DEDUCIRLO dentro del término legal. Lo anterior con fundamento en lo dispuesto por el artículo 882 ochocientos ochenta y dos, del Código de Procedimientos Civiles vigente en el Estado.

Monterrey, N.L., 17 de diciembre de 2024.
LIC. FRANCISCO JAVIER LOZANO MEDINA
NOTARIO PÚBLICA TITULAR NÚMERO 19
LOMF-690331-SUA
(23 y 2)
